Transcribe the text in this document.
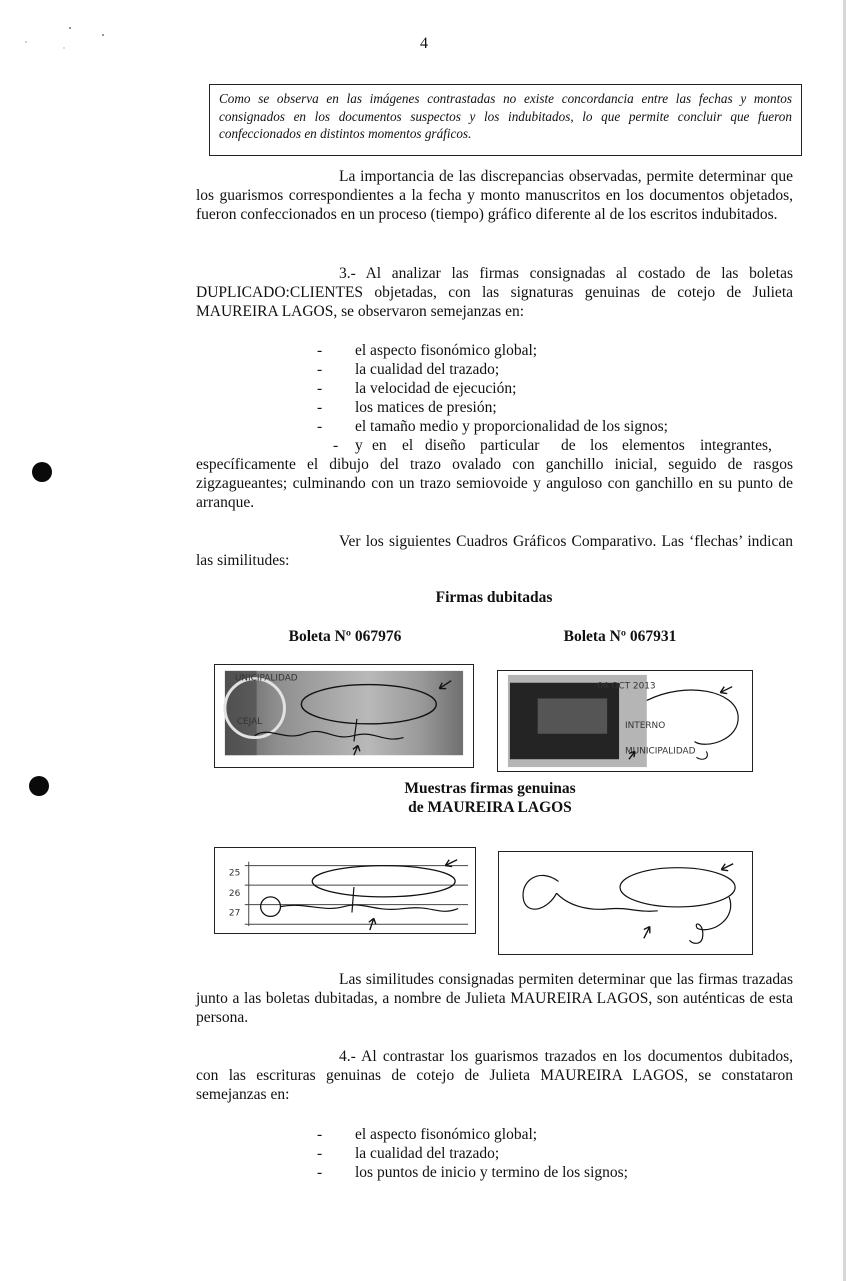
4
Como se observa en las imágenes contrastadas no existe concordancia entre las fechas y montos consignados en los documentos suspectos y los indubitados, lo que permite concluir que fueron confeccionados en distintos momentos gráficos.
La importancia de las discrepancias observadas, permite determinar que los guarismos correspondientes a la fecha y monto manuscritos en los documentos objetados, fueron confeccionados en un proceso (tiempo) gráfico diferente al de los escritos indubitados.
3.- Al analizar las firmas consignadas al costado de las boletas DUPLICADO:CLIENTES objetadas, con las signaturas genuinas de cotejo de Julieta MAUREIRA LAGOS, se observaron semejanzas en:
- el aspecto fisonómico global;
- la cualidad del trazado;
- la velocidad de ejecución;
- los matices de presión;
- el tamaño medio y proporcionalidad de los signos;
- y en el diseño particular de los elementos integrantes,
específicamente el dibujo del trazo ovalado con ganchillo inicial, seguido de rasgos zigzagueantes; culminando con un trazo semiovoide y anguloso con ganchillo en su punto de arranque.
Ver los siguientes Cuadros Gráficos Comparativo. Las ‘flechas’ indican las similitudes:
Firmas dubitadas
Boleta Nº 067976	Boleta Nº 067931
CEJAL
UNICIPALIDAD
04 OCT 2013
INTERNO
MUNICIPALIDAD
Muestras firmas genuinas
de MAUREIRA LAGOS
25
26
27
Las similitudes consignadas permiten determinar que las firmas trazadas junto a las boletas dubitadas, a nombre de Julieta MAUREIRA LAGOS, son auténticas de esta persona.
4.- Al contrastar los guarismos trazados en los documentos dubitados, con las escrituras genuinas de cotejo de Julieta MAUREIRA LAGOS, se constataron semejanzas en:
- el aspecto fisonómico global;
- la cualidad del trazado;
- los puntos de inicio y termino de los signos;
